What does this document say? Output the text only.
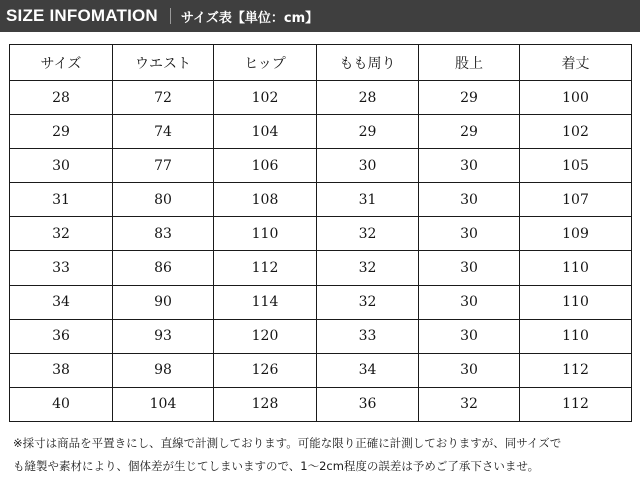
SIZE INFOMATION サイズ表【単位：cm】
サイズ	ウエスト	ヒップ	もも周り	股上	着丈
28	72	102	28	29	100
29	74	104	29	29	102
30	77	106	30	30	105
31	80	108	31	30	107
32	83	110	32	30	109
33	86	112	32	30	110
34	90	114	32	30	110
36	93	120	33	30	110
38	98	126	34	30	112
40	104	128	36	32	112
※採寸は商品を平置きにし、直線で計測しております。可能な限り正確に計測しておりますが、同サイズで
も縫製や素材により、個体差が生じてしまいますので、1〜2cm程度の誤差は予めご了承下さいませ。
